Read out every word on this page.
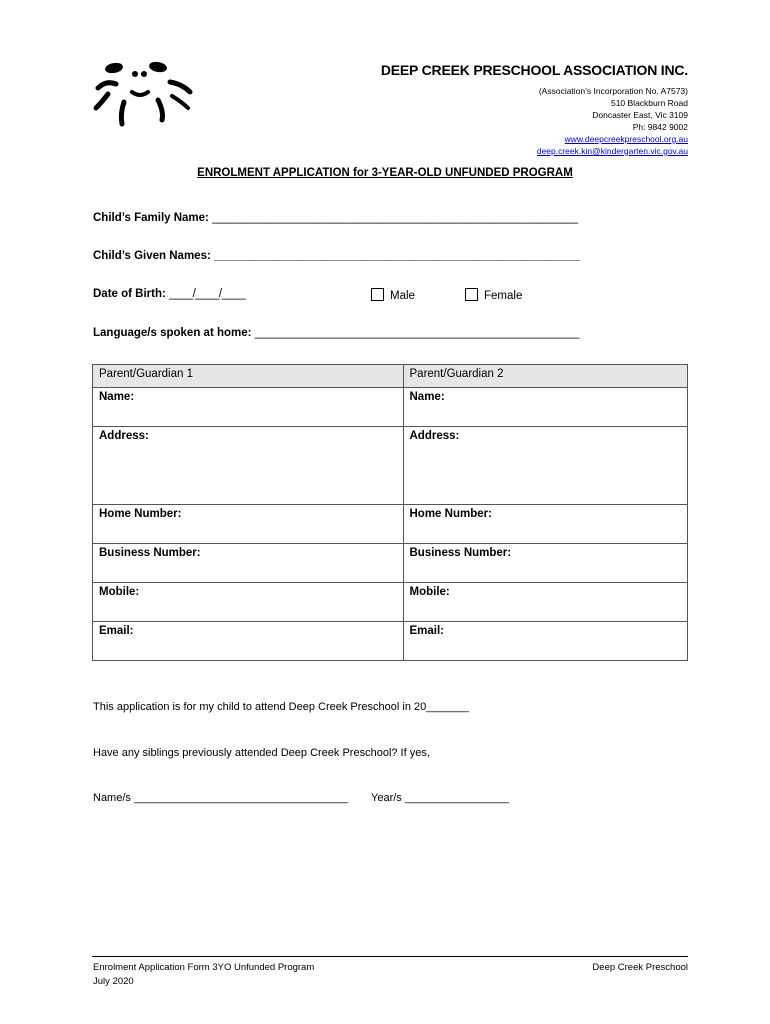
DEEP CREEK PRESCHOOL ASSOCIATION INC.
(Association’s Incorporation No. A7573)
510 Blackburn Road
Doncaster East, Vic 3109
Ph: 9842 9002
www.deepcreekpreschool.org.au
deep.creek.kin@kindergarten.vic.gov.au
ENROLMENT APPLICATION for 3-YEAR-OLD UNFUNDED PROGRAM
Child’s Family Name: ______________________________________________________________
Child’s Given Names: ______________________________________________________________
Date of Birth: ____/____/____	Male	Female
Language/s spoken at home: _______________________________________________________
Parent/Guardian 1	Parent/Guardian 2
Name:	Name:
Address:	Address:
Home Number:	Home Number:
Business Number:	Business Number:
Mobile:	Mobile:
Email:	Email:
This application is for my child to attend Deep Creek Preschool in 20_______
Have any siblings previously attended Deep Creek Preschool? If yes,
Name/s ___________________________________ Year/s _________________
Enrolment Application Form 3YO Unfunded Program
July 2020
Deep Creek Preschool
